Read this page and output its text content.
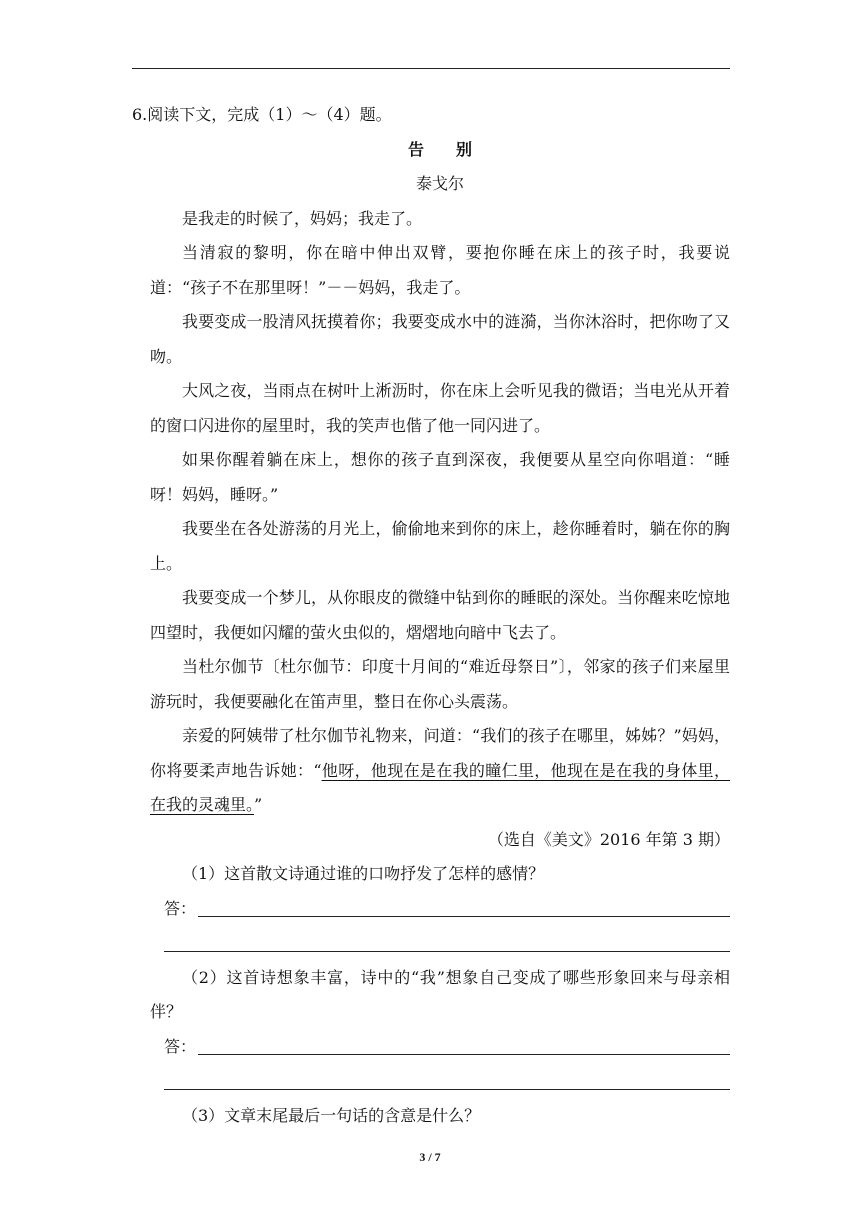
6.阅读下文，完成（1）～（4）题。
告　别
泰戈尔
是我走的时候了，妈妈；我走了。
当清寂的黎明，你在暗中伸出双臂，要抱你睡在床上的孩子时，我要说道：“孩子不在那里呀！”－－妈妈，我走了。
我要变成一股清风抚摸着你；我要变成水中的涟漪，当你沐浴时，把你吻了又吻。
大风之夜，当雨点在树叶上淅沥时，你在床上会听见我的微语；当电光从开着的窗口闪进你的屋里时，我的笑声也偕了他一同闪进了。
如果你醒着躺在床上，想你的孩子直到深夜，我便要从星空向你唱道：“睡呀！妈妈，睡呀。”
我要坐在各处游荡的月光上，偷偷地来到你的床上，趁你睡着时，躺在你的胸上。
我要变成一个梦儿，从你眼皮的微缝中钻到你的睡眠的深处。当你醒来吃惊地四望时，我便如闪耀的萤火虫似的，熠熠地向暗中飞去了。
当杜尔伽节〔杜尔伽节：印度十月间的“难近母祭日”〕，邻家的孩子们来屋里游玩时，我便要融化在笛声里，整日在你心头震荡。
亲爱的阿姨带了杜尔伽节礼物来，问道：“我们的孩子在哪里，姊姊？”妈妈，你将要柔声地告诉她：“他呀，他现在是在我的瞳仁里，他现在是在我的身体里，在我的灵魂里。”
（选自《美文》2016 年第 3 期）
（1）这首散文诗通过谁的口吻抒发了怎样的感情？
答：
（2）这首诗想象丰富，诗中的“我”想象自己变成了哪些形象回来与母亲相伴？
答：
（3）文章末尾最后一句话的含意是什么？
3 / 7
